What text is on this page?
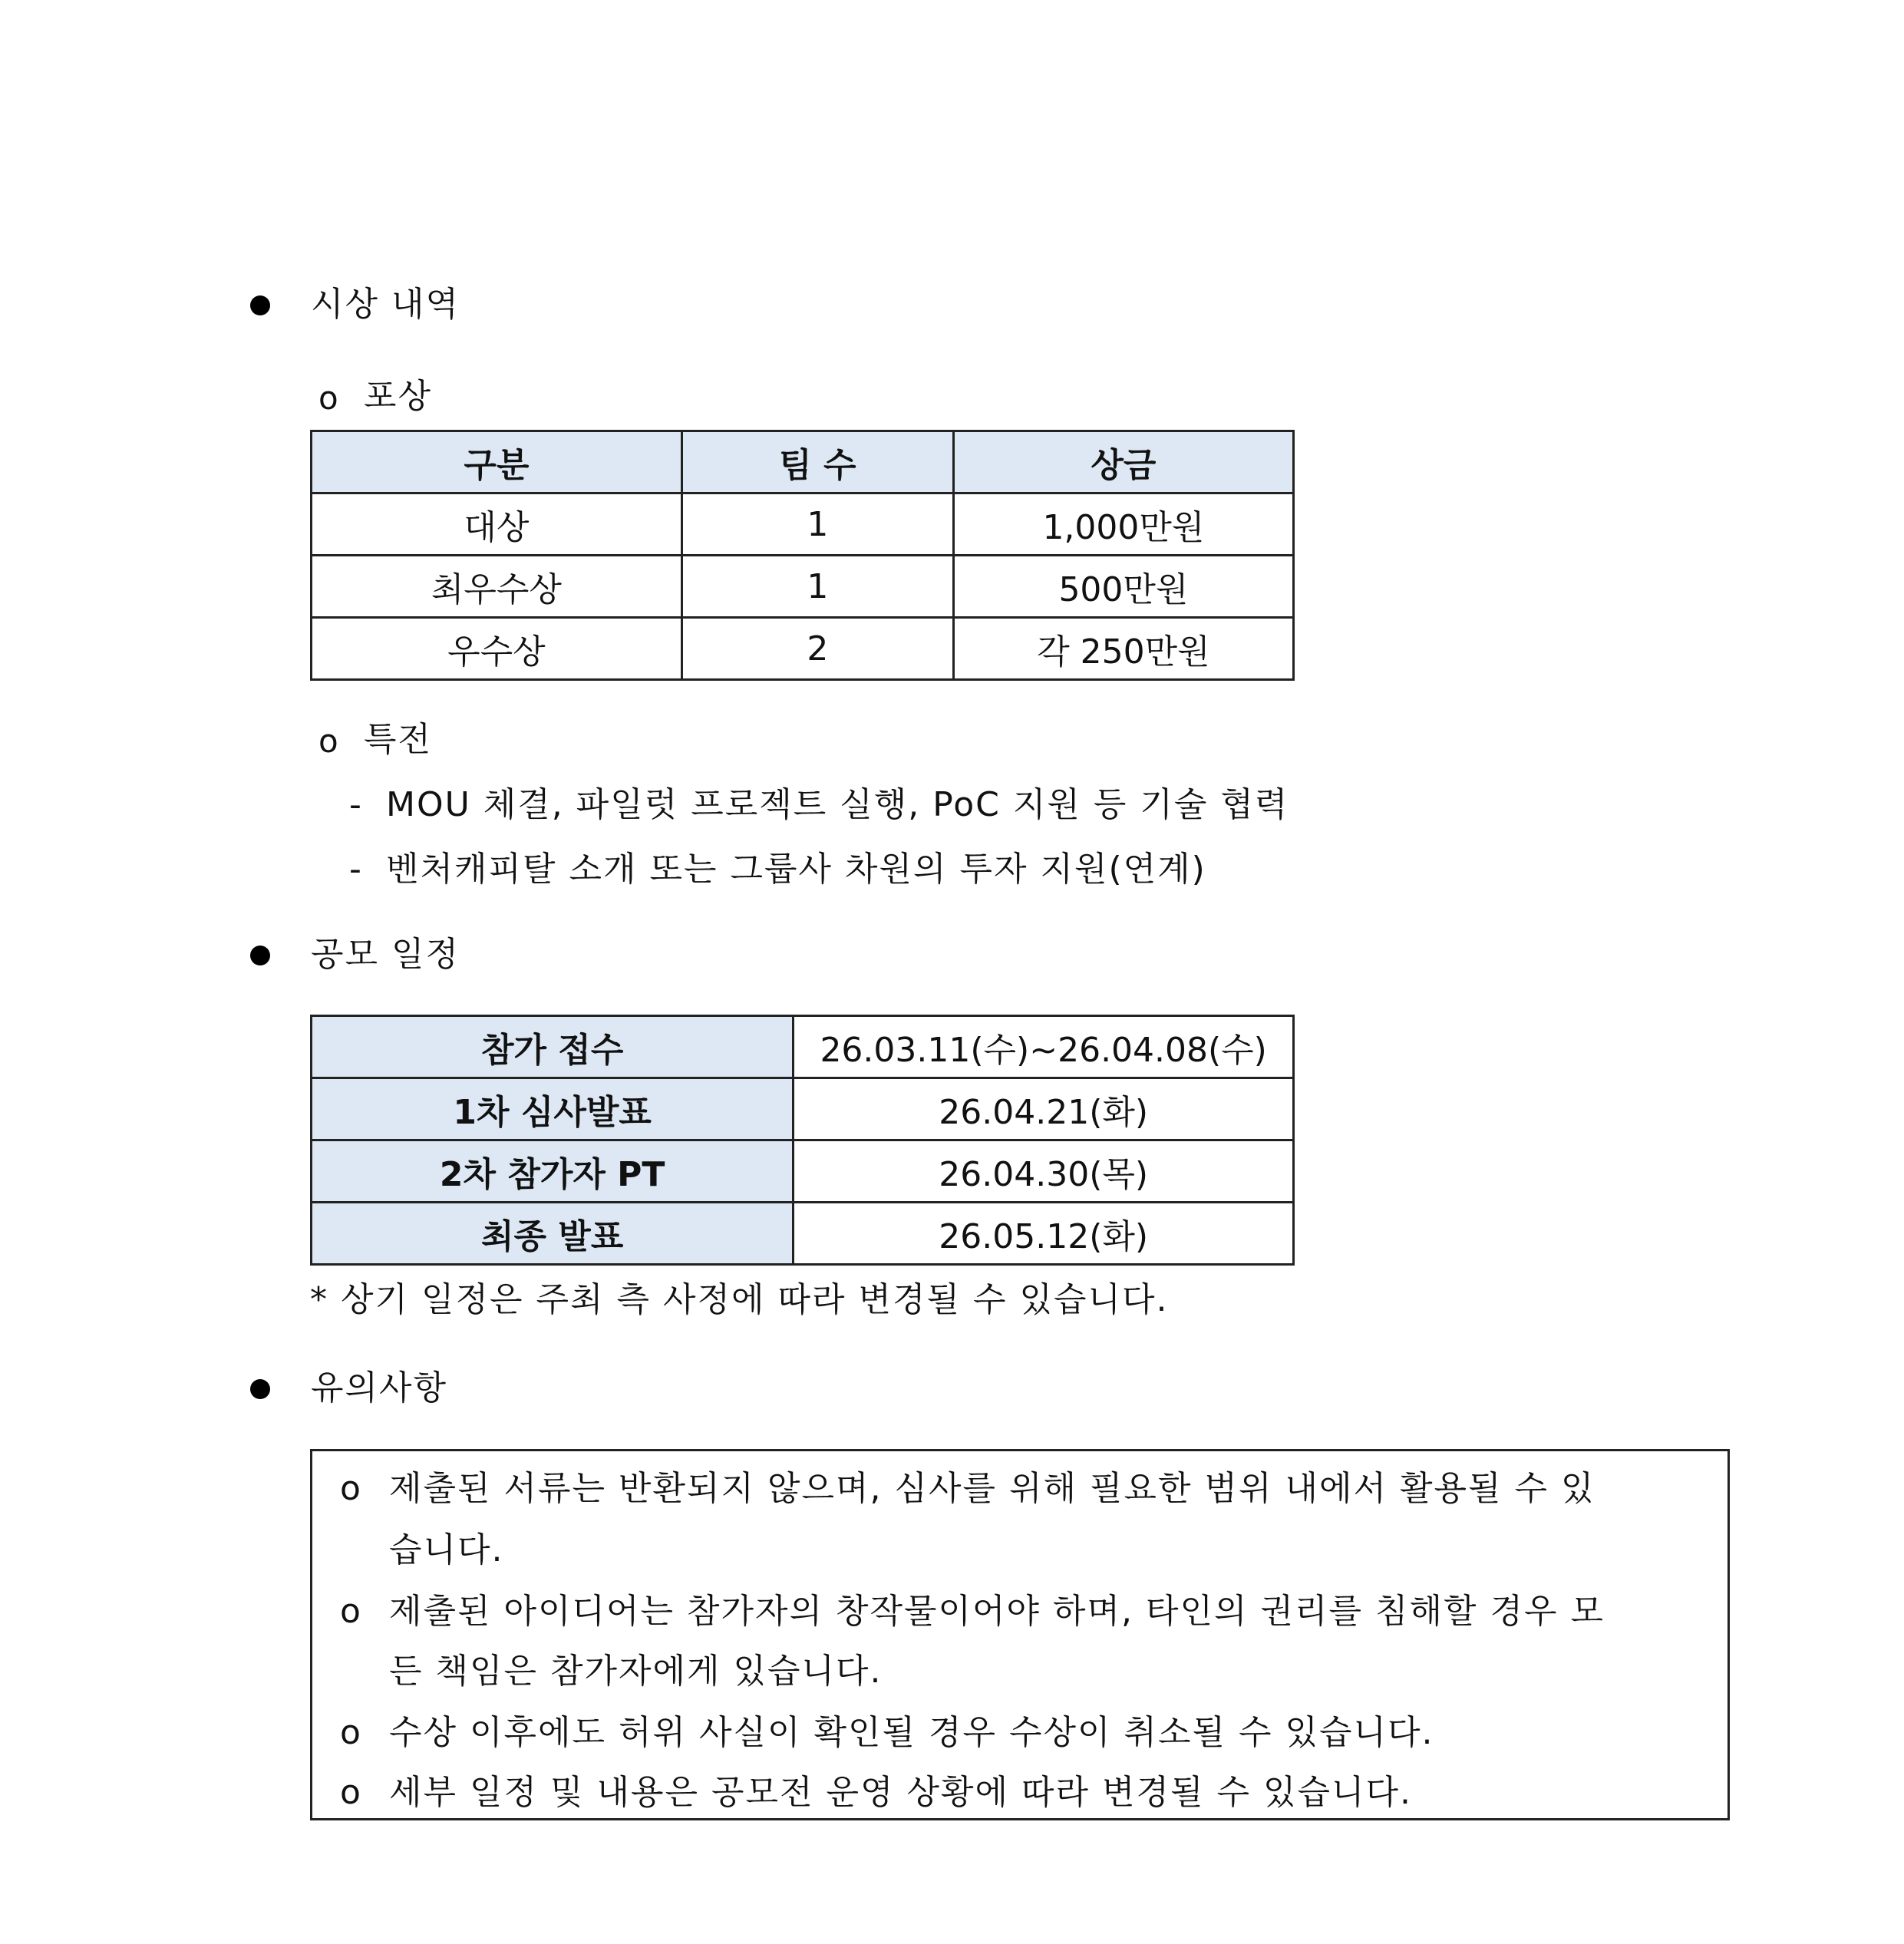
시상 내역
o 포상
구분	팀 수	상금
대상	1	1,000만원
최우수상	1	500만원
우수상	2	각 250만원
o 특전
- MOU 체결, 파일럿 프로젝트 실행, PoC 지원 등 기술 협력
- 벤처캐피탈 소개 또는 그룹사 차원의 투자 지원(연계)
공모 일정
참가 접수	26.03.11(수)~26.04.08(수)
1차 심사발표	26.04.21(화)
2차 참가자 PT	26.04.30(목)
최종 발표	26.05.12(화)
* 상기 일정은 주최 측 사정에 따라 변경될 수 있습니다.
유의사항
o 제출된 서류는 반환되지 않으며, 심사를 위해 필요한 범위 내에서 활용될 수 있
습니다.
o 제출된 아이디어는 참가자의 창작물이어야 하며, 타인의 권리를 침해할 경우 모
든 책임은 참가자에게 있습니다.
o 수상 이후에도 허위 사실이 확인될 경우 수상이 취소될 수 있습니다.
o 세부 일정 및 내용은 공모전 운영 상황에 따라 변경될 수 있습니다.
